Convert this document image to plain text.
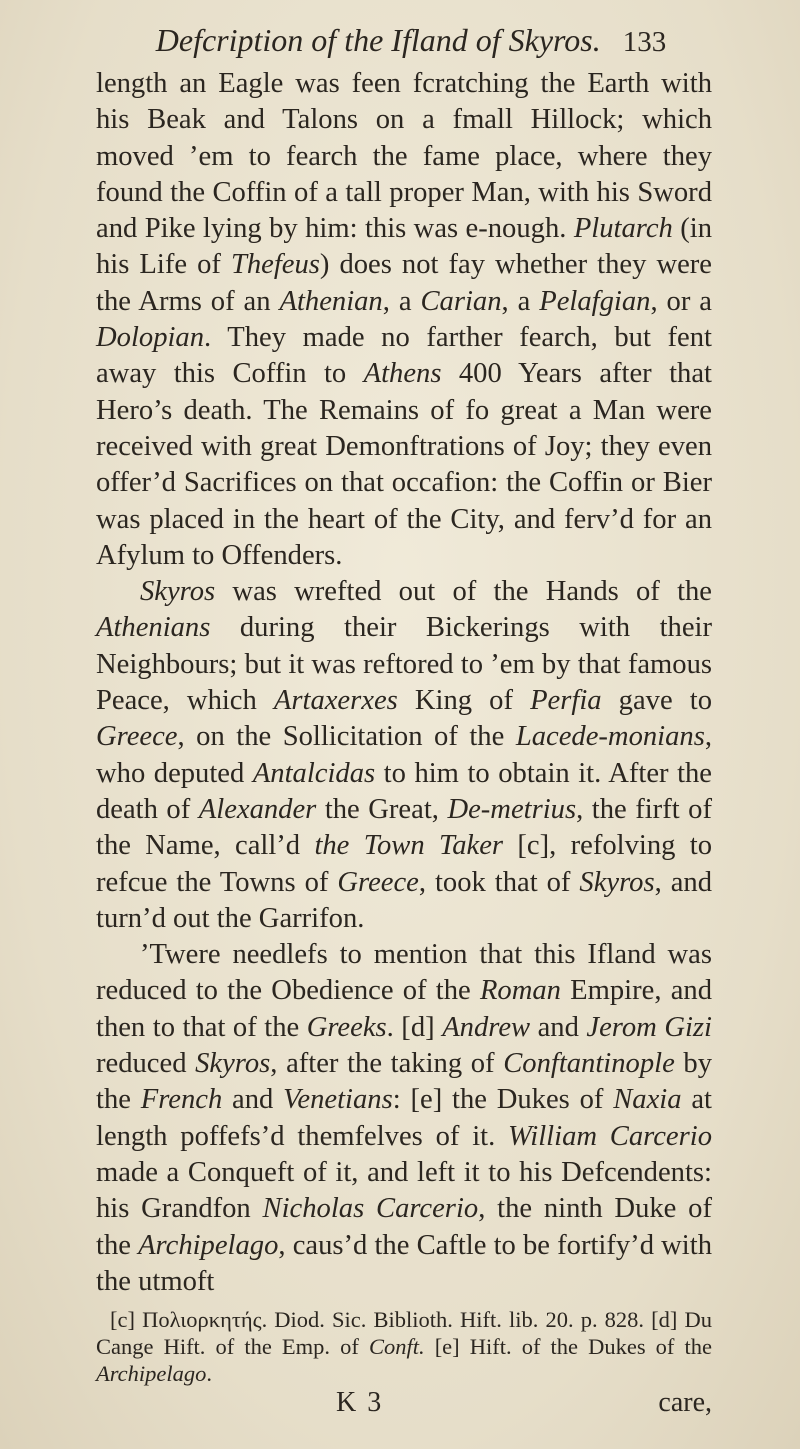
Defcription of the Ifland of Skyros. 133

length an Eagle was feen fcratching the Earth with his Beak and Talons on a fmall Hillock; which moved ’em to fearch the fame place, where they found the Coffin of a tall proper Man, with his Sword and Pike lying by him: this was e-nough. Plutarch (in his Life of Thefeus) does not fay whether they were the Arms of an Athenian, a Carian, a Pelafgian, or a Dolopian. They made no farther fearch, but fent away this Coffin to Athens 400 Years after that Hero’s death. The Remains of fo great a Man were received with great Demonftrations of Joy; they even offer’d Sacrifices on that occafion: the Coffin or Bier was placed in the heart of the City, and ferv’d for an Afylum to Offenders.

Skyros was wrefted out of the Hands of the Athenians during their Bickerings with their Neighbours; but it was reftored to ’em by that famous Peace, which Artaxerxes King of Perfia gave to Greece, on the Sollicitation of the Lacede-monians, who deputed Antalcidas to him to obtain it. After the death of Alexander the Great, De-metrius, the firft of the Name, call’d the Town Taker [c], refolving to refcue the Towns of Greece, took that of Skyros, and turn’d out the Garrifon.

’Twere needlefs to mention that this Ifland was reduced to the Obedience of the Roman Empire, and then to that of the Greeks. [d] Andrew and Jerom Gizi reduced Skyros, after the taking of Conftantinople by the French and Venetians: [e] the Dukes of Naxia at length poffefs’d themfelves of it. William Carcerio made a Conqueft of it, and left it to his Defcendents: his Grandfon Nicholas Carcerio, the ninth Duke of the Archipelago, caus’d the Caftle to be fortify’d with the utmoft

[c] Πολιορκητής. Diod. Sic. Biblioth. Hift. lib. 20. p. 828. [d] Du Cange Hift. of the Emp. of Conft. [e] Hift. of the Dukes of the Archipelago.

K 3	care,
